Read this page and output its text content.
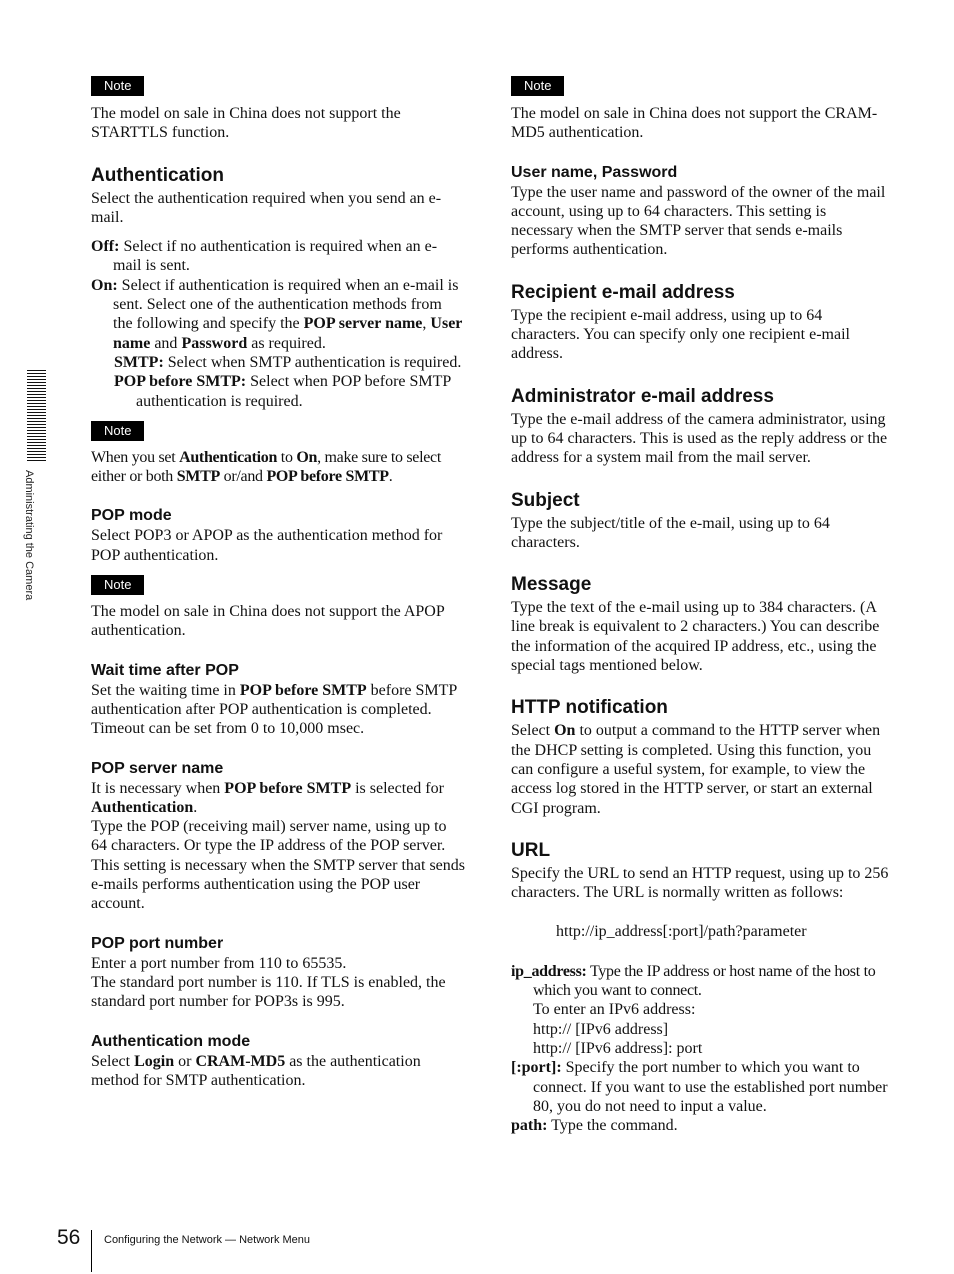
Administrating the Camera
Note

The model on sale in China does not support the STARTTLS function.

Authentication

Select the authentication required when you send an e-mail.

Off: Select if no authentication is required when an e-mail is sent.

On: Select if authentication is required when an e-mail is sent. Select one of the authentication methods from the following and specify the POP server name, User name and Password as required.

SMTP: Select when SMTP authentication is required.

POP before SMTP: Select when POP before SMTP authentication is required.

Note

When you set Authentication to On, make sure to select either or both SMTP or/and POP before SMTP.

POP mode

Select POP3 or APOP as the authentication method for POP authentication.

Note

The model on sale in China does not support the APOP authentication.

Wait time after POP

Set the waiting time in POP before SMTP before SMTP authentication after POP authentication is completed. Timeout can be set from 0 to 10,000 msec.

POP server name

It is necessary when POP before SMTP is selected for Authentication.

Type the POP (receiving mail) server name, using up to 64 characters. Or type the IP address of the POP server. This setting is necessary when the SMTP server that sends e-mails performs authentication using the POP user account.

POP port number

Enter a port number from 110 to 65535.

The standard port number is 110. If TLS is enabled, the standard port number for POP3s is 995.

Authentication mode

Select Login or CRAM-MD5 as the authentication method for SMTP authentication.

Note

The model on sale in China does not support the CRAM-MD5 authentication.

User name, Password

Type the user name and password of the owner of the mail account, using up to 64 characters. This setting is necessary when the SMTP server that sends e-mails performs authentication.

Recipient e-mail address

Type the recipient e-mail address, using up to 64 characters. You can specify only one recipient e-mail address.

Administrator e-mail address

Type the e-mail address of the camera administrator, using up to 64 characters. This is used as the reply address or the address for a system mail from the mail server.

Subject

Type the subject/title of the e-mail, using up to 64 characters.

Message

Type the text of the e-mail using up to 384 characters. (A line break is equivalent to 2 characters.) You can describe the information of the acquired IP address, etc., using the special tags mentioned below.

HTTP notification

Select On to output a command to the HTTP server when the DHCP setting is completed. Using this function, you can configure a useful system, for example, to view the access log stored in the HTTP server, or start an external CGI program.

URL

Specify the URL to send an HTTP request, using up to 256 characters. The URL is normally written as follows:

http://ip_address[:port]/path?parameter

ip_address: Type the IP address or host name of the host to which you want to connect.

To enter an IPv6 address:

http:// [IPv6 address]

http:// [IPv6 address]: port

[:port]: Specify the port number to which you want to connect. If you want to use the established port number 80, you do not need to input a value.

path: Type the command.

56 Configuring the Network — Network Menu
